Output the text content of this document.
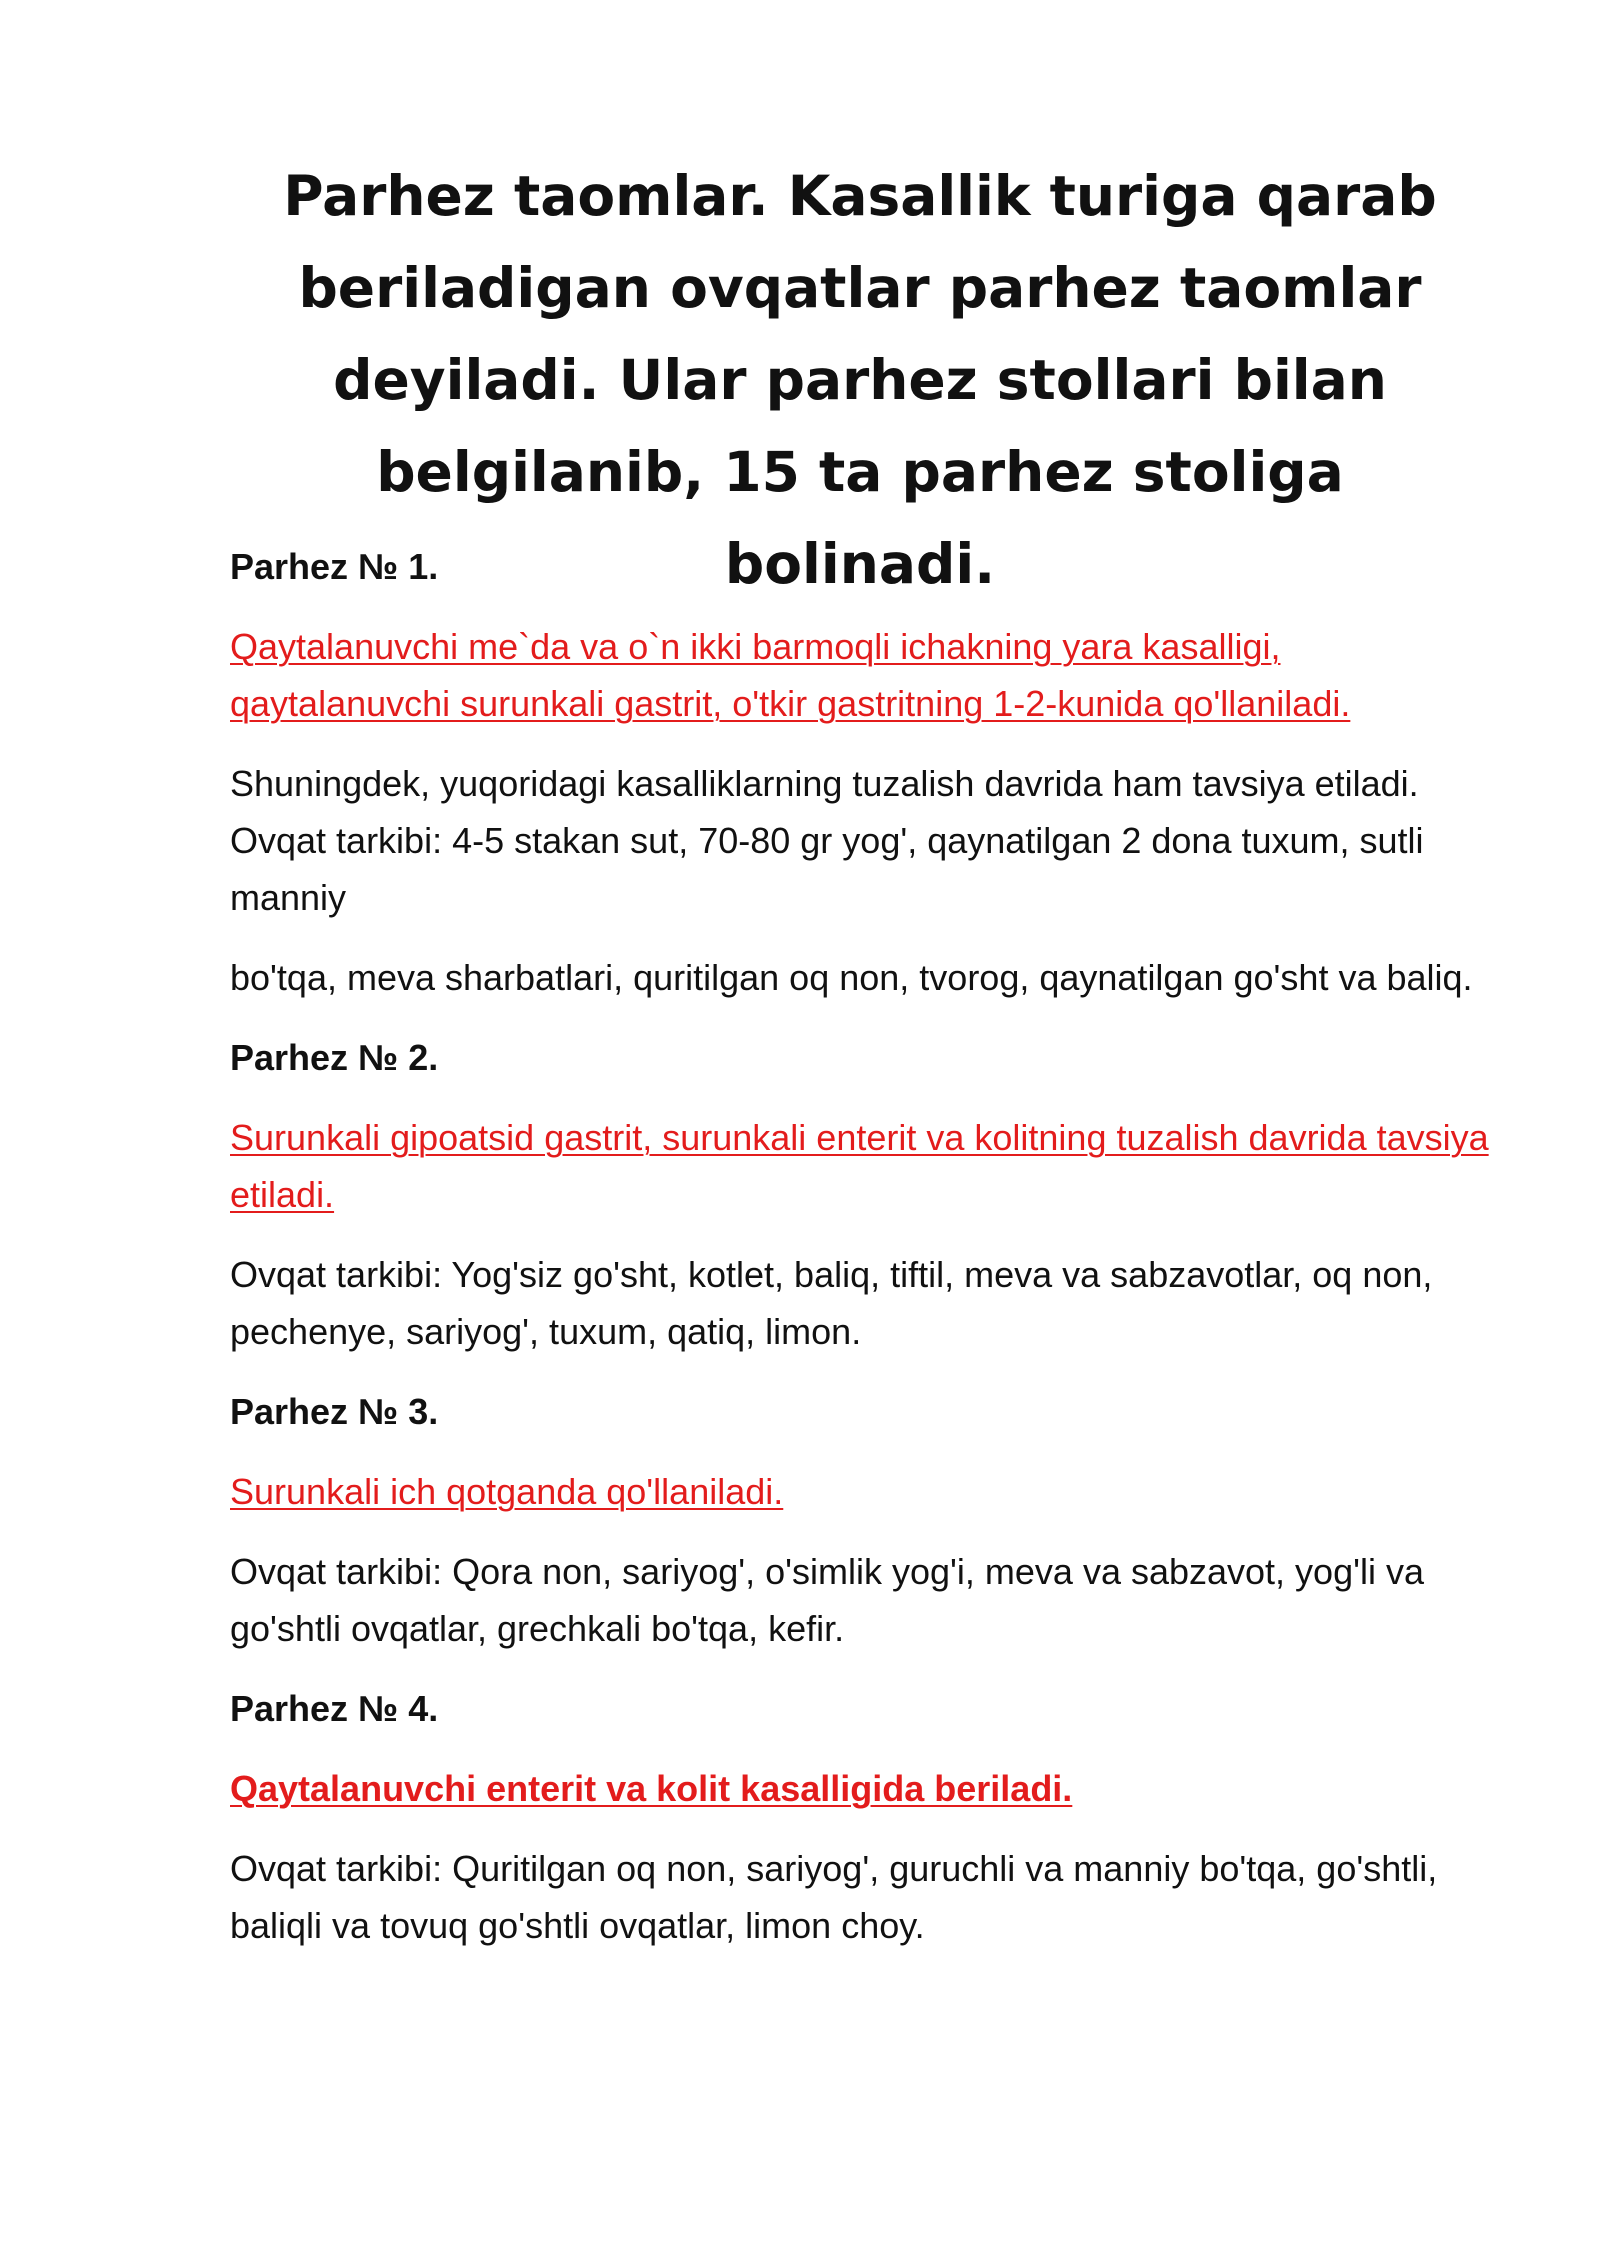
Parhez taomlar. Kasallik turiga qarab beriladigan ovqatlar parhez taomlar deyiladi. Ular parhez stollari bilan belgilanib, 15 ta parhez stoliga bolinadi.

Parhez № 1.

Qaytalanuvchi me`da va o`n ikki barmoqli ichakning yara kasalligi, qaytalanuvchi surunkali gastrit, o'tkir gastritning 1-2-kunida qo'llaniladi.

Shuningdek, yuqoridagi kasalliklarning tuzalish davrida ham tavsiya etiladi. Ovqat tarkibi: 4-5 stakan sut, 70-80 gr yog', qaynatilgan 2 dona tuxum, sutli manniy

bo'tqa, meva sharbatlari, quritilgan oq non, tvorog, qaynatilgan go'sht va baliq.

Parhez № 2.

Surunkali gipoatsid gastrit, surunkali enterit va kolitning tuzalish davrida tavsiya etiladi.

Ovqat tarkibi: Yog'siz go'sht, kotlet, baliq, tiftil, meva va sabzavotlar, oq non, pechenye, sariyog', tuxum, qatiq, limon.

Parhez № 3.

Surunkali ich qotganda qo'llaniladi.

Ovqat tarkibi: Qora non, sariyog', o'simlik yog'i, meva va sabzavot, yog'li va go'shtli ovqatlar, grechkali bo'tqa, kefir.

Parhez № 4.

Qaytalanuvchi enterit va kolit kasalligida beriladi.

Ovqat tarkibi: Quritilgan oq non, sariyog', guruchli va manniy bo'tqa, go'shtli, baliqli va tovuq go'shtli ovqatlar, limon choy.
